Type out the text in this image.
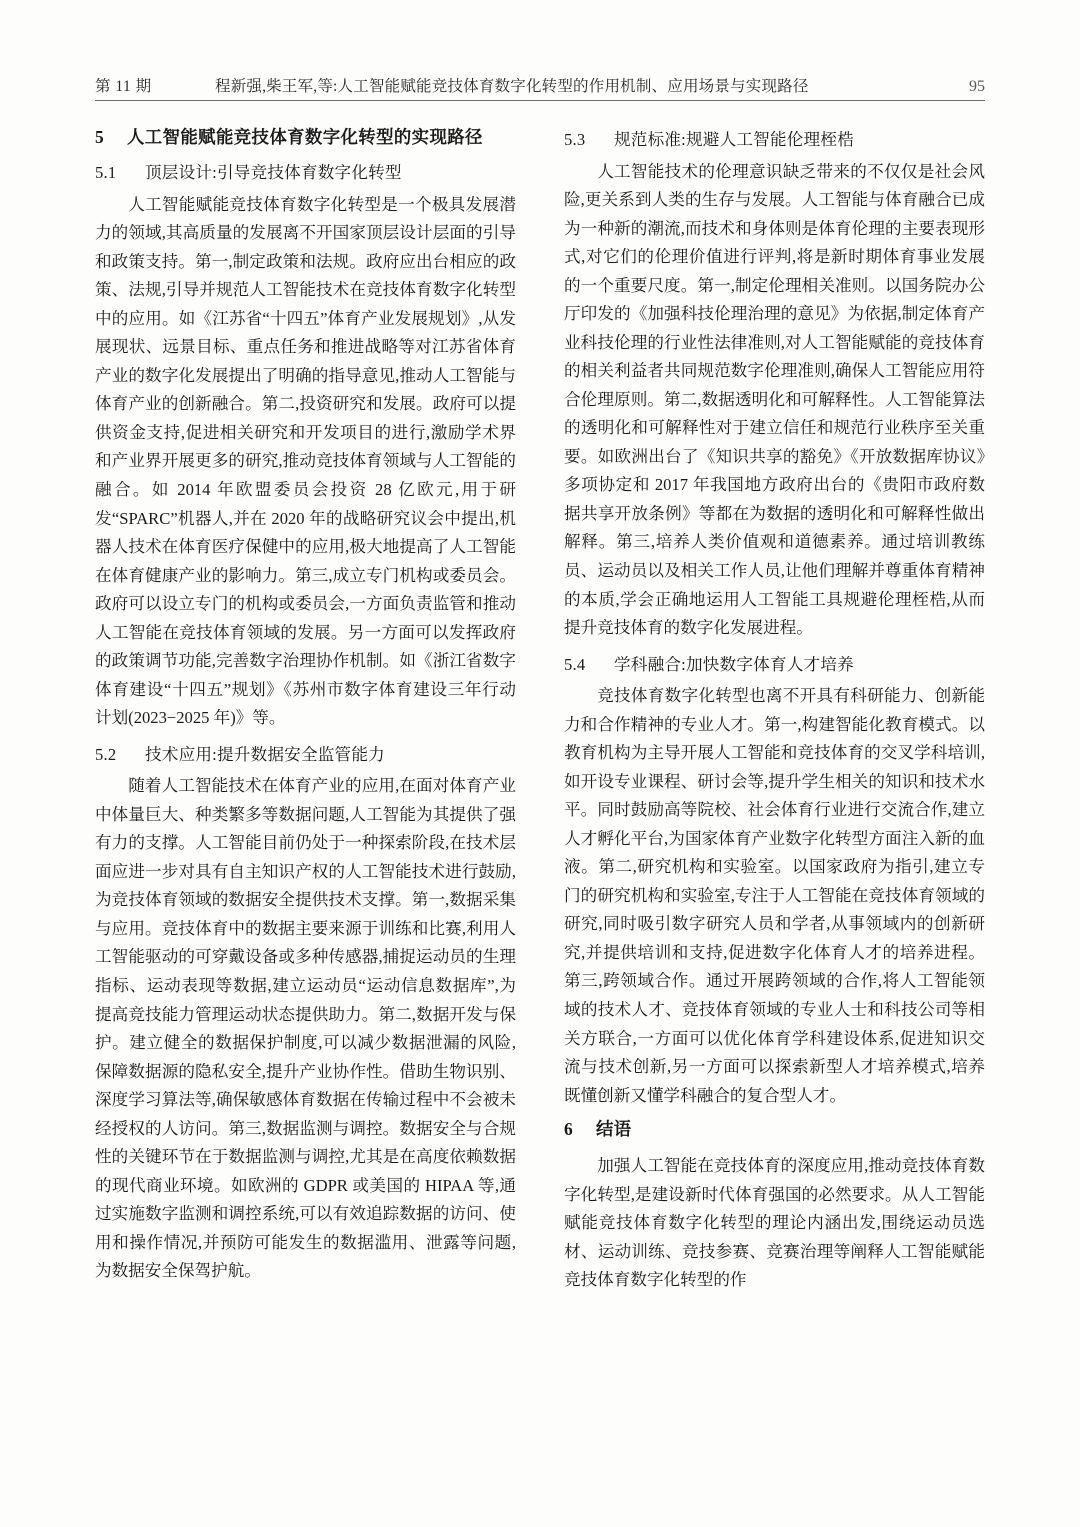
第 11 期	程新强,柴王军,等:人工智能赋能竞技体育数字化转型的作用机制、应用场景与实现路径	95
5 人工智能赋能竞技体育数字化转型的实现路径
5.1 顶层设计:引导竞技体育数字化转型

人工智能赋能竞技体育数字化转型是一个极具发展潜力的领域,其高质量的发展离不开国家顶层设计层面的引导和政策支持。第一,制定政策和法规。政府应出台相应的政策、法规,引导并规范人工智能技术在竞技体育数字化转型中的应用。如《江苏省“十四五”体育产业发展规划》,从发展现状、远景目标、重点任务和推进战略等对江苏省体育产业的数字化发展提出了明确的指导意见,推动人工智能与体育产业的创新融合。第二,投资研究和发展。政府可以提供资金支持,促进相关研究和开发项目的进行,激励学术界和产业界开展更多的研究,推动竞技体育领域与人工智能的融合。如 2014 年欧盟委员会投资 28 亿欧元,用于研发“SPARC”机器人,并在 2020 年的战略研究议会中提出,机器人技术在体育医疗保健中的应用,极大地提高了人工智能在体育健康产业的影响力。第三,成立专门机构或委员会。政府可以设立专门的机构或委员会,一方面负责监管和推动人工智能在竞技体育领域的发展。另一方面可以发挥政府的政策调节功能,完善数字治理协作机制。如《浙江省数字体育建设“十四五”规划》《苏州市数字体育建设三年行动计划(2023−2025 年)》等。

5.2 技术应用:提升数据安全监管能力

随着人工智能技术在体育产业的应用,在面对体育产业中体量巨大、种类繁多等数据问题,人工智能为其提供了强有力的支撑。人工智能目前仍处于一种探索阶段,在技术层面应进一步对具有自主知识产权的人工智能技术进行鼓励,为竞技体育领域的数据安全提供技术支撑。第一,数据采集与应用。竞技体育中的数据主要来源于训练和比赛,利用人工智能驱动的可穿戴设备或多种传感器,捕捉运动员的生理指标、运动表现等数据,建立运动员“运动信息数据库”,为提高竞技能力管理运动状态提供助力。第二,数据开发与保护。建立健全的数据保护制度,可以减少数据泄漏的风险,保障数据源的隐私安全,提升产业协作性。借助生物识别、深度学习算法等,确保敏感体育数据在传输过程中不会被未经授权的人访问。第三,数据监测与调控。数据安全与合规性的关键环节在于数据监测与调控,尤其是在高度依赖数据的现代商业环境。如欧洲的 GDPR 或美国的 HIPAA 等,通过实施数字监测和调控系统,可以有效追踪数据的访问、使用和操作情况,并预防可能发生的数据滥用、泄露等问题,为数据安全保驾护航。

5.3 规范标准:规避人工智能伦理桎梏

人工智能技术的伦理意识缺乏带来的不仅仅是社会风险,更关系到人类的生存与发展。人工智能与体育融合已成为一种新的潮流,而技术和身体则是体育伦理的主要表现形式,对它们的伦理价值进行评判,将是新时期体育事业发展的一个重要尺度。第一,制定伦理相关准则。以国务院办公厅印发的《加强科技伦理治理的意见》为依据,制定体育产业科技伦理的行业性法律准则,对人工智能赋能的竞技体育的相关利益者共同规范数字伦理准则,确保人工智能应用符合伦理原则。第二,数据透明化和可解释性。人工智能算法的透明化和可解释性对于建立信任和规范行业秩序至关重要。如欧洲出台了《知识共享的豁免》《开放数据库协议》多项协定和 2017 年我国地方政府出台的《贵阳市政府数据共享开放条例》等都在为数据的透明化和可解释性做出解释。第三,培养人类价值观和道德素养。通过培训教练员、运动员以及相关工作人员,让他们理解并尊重体育精神的本质,学会正确地运用人工智能工具规避伦理桎梏,从而提升竞技体育的数字化发展进程。

5.4 学科融合:加快数字体育人才培养

竞技体育数字化转型也离不开具有科研能力、创新能力和合作精神的专业人才。第一,构建智能化教育模式。以教育机构为主导开展人工智能和竞技体育的交叉学科培训,如开设专业课程、研讨会等,提升学生相关的知识和技术水平。同时鼓励高等院校、社会体育行业进行交流合作,建立人才孵化平台,为国家体育产业数字化转型方面注入新的血液。第二,研究机构和实验室。以国家政府为指引,建立专门的研究机构和实验室,专注于人工智能在竞技体育领域的研究,同时吸引数字研究人员和学者,从事领域内的创新研究,并提供培训和支持,促进数字化体育人才的培养进程。第三,跨领域合作。通过开展跨领域的合作,将人工智能领域的技术人才、竞技体育领域的专业人士和科技公司等相关方联合,一方面可以优化体育学科建设体系,促进知识交流与技术创新,另一方面可以探索新型人才培养模式,培养既懂创新又懂学科融合的复合型人才。

6 结语

加强人工智能在竞技体育的深度应用,推动竞技体育数字化转型,是建设新时代体育强国的必然要求。从人工智能赋能竞技体育数字化转型的理论内涵出发,围绕运动员选材、运动训练、竞技参赛、竞赛治理等阐释人工智能赋能竞技体育数字化转型的作
